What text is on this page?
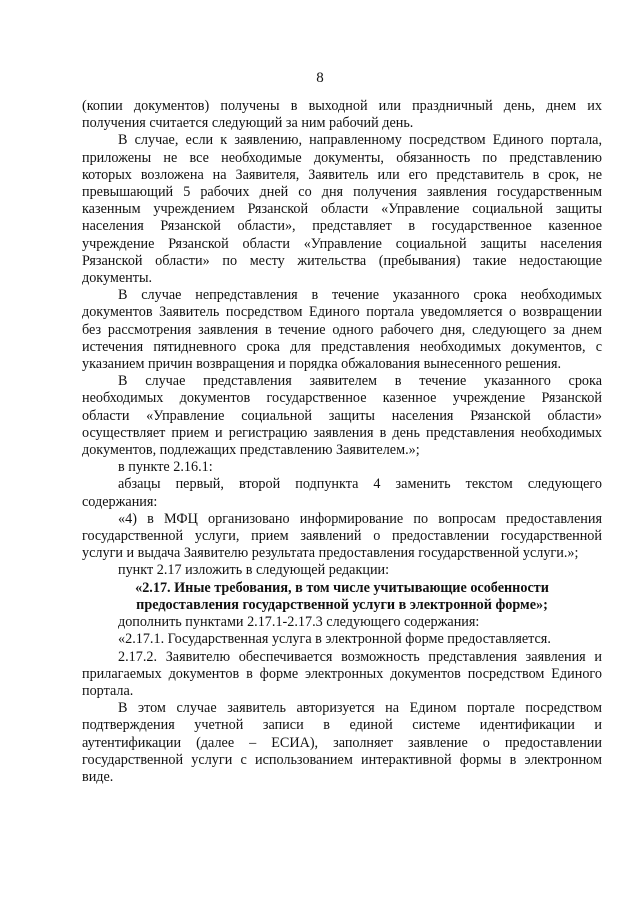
8

(копии документов) получены в выходной или праздничный день, днем их

получения считается следующий за ним рабочий день.

В случае, если к заявлению, направленному посредством Единого портала,

приложены не все необходимые документы, обязанность по представлению

которых возложена на Заявителя, Заявитель или его представитель в срок, не

превышающий 5 рабочих дней со дня получения заявления государственным

казенным учреждением Рязанской области «Управление социальной защиты

населения Рязанской области», представляет в государственное казенное

учреждение Рязанской области «Управление социальной защиты населения

Рязанской области» по месту жительства (пребывания) такие недостающие

документы.

В случае непредставления в течение указанного срока необходимых

документов Заявитель посредством Единого портала уведомляется о возвращении

без рассмотрения заявления в течение одного рабочего дня, следующего за днем

истечения пятидневного срока для представления необходимых документов, с

указанием причин возвращения и порядка обжалования вынесенного решения.

В случае представления заявителем в течение указанного срока

необходимых документов государственное казенное учреждение Рязанской

области «Управление социальной защиты населения Рязанской области»

осуществляет прием и регистрацию заявления в день представления необходимых

документов, подлежащих представлению Заявителем.»;

в пункте 2.16.1:

абзацы первый, второй подпункта 4 заменить текстом следующего

содержания:

«4) в МФЦ организовано информирование по вопросам предоставления

государственной услуги, прием заявлений о предоставлении государственной

услуги и выдача Заявителю результата предоставления государственной услуги.»;

пункт 2.17 изложить в следующей редакции:

«2.17. Иные требования, в том числе учитывающие особенности

предоставления государственной услуги в электронной форме»;

дополнить пунктами 2.17.1-2.17.3 следующего содержания:

«2.17.1. Государственная услуга в электронной форме предоставляется.

2.17.2. Заявителю обеспечивается возможность представления заявления и

прилагаемых документов в форме электронных документов посредством Единого

портала.

В этом случае заявитель авторизуется на Едином портале посредством

подтверждения учетной записи в единой системе идентификации и

аутентификации (далее – ЕСИА), заполняет заявление о предоставлении

государственной услуги с использованием интерактивной формы в электронном

виде.
